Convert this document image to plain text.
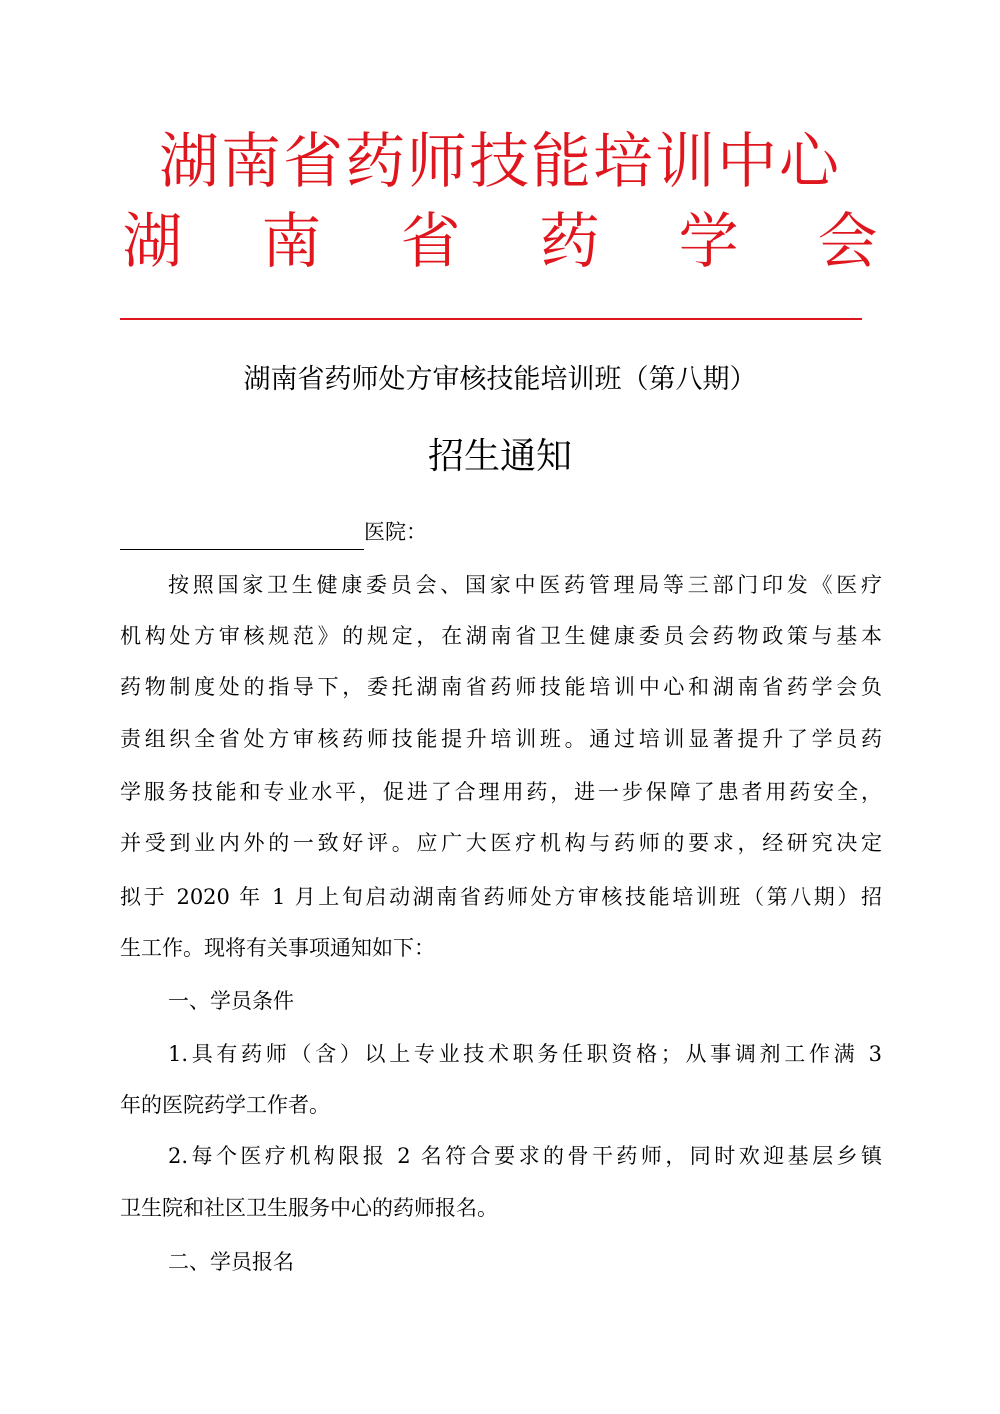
湖南省药师技能培训中心
湖 南 省 药 学 会
湖南省药师处方审核技能培训班（第八期）
招生通知
医院：
按照国家卫生健康委员会、国家中医药管理局等三部门印发《医疗
机构处方审核规范》的规定，在湖南省卫生健康委员会药物政策与基本
药物制度处的指导下，委托湖南省药师技能培训中心和湖南省药学会负
责组织全省处方审核药师技能提升培训班。通过培训显著提升了学员药
学服务技能和专业水平，促进了合理用药，进一步保障了患者用药安全，
并受到业内外的一致好评。应广大医疗机构与药师的要求，经研究决定
拟于 2020 年 1 月上旬启动湖南省药师处方审核技能培训班（第八期）招
生工作。现将有关事项通知如下：
一、学员条件
1.具有药师（含）以上专业技术职务任职资格；从事调剂工作满 3
年的医院药学工作者。
2.每个医疗机构限报 2 名符合要求的骨干药师，同时欢迎基层乡镇
卫生院和社区卫生服务中心的药师报名。
二、学员报名
